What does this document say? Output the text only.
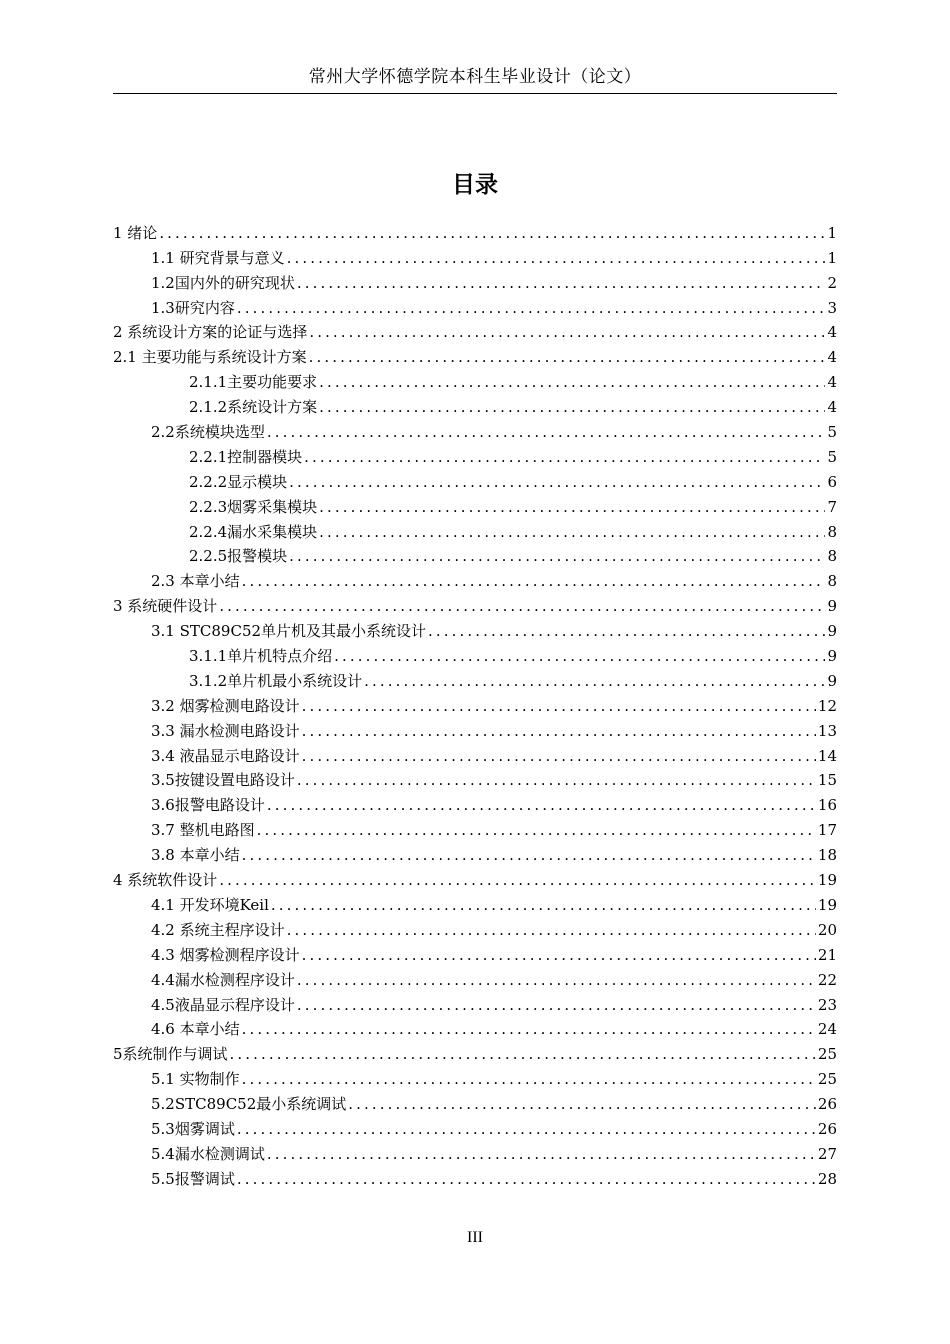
常州大学怀德学院本科生毕业设计（论文）
目录
1 绪论 .....	1
1.1 研究背景与意义 .....	1
1.2国内外的研究现状 .....	2
1.3研究内容 .....	3
2 系统设计方案的论证与选择 .....	4
2.1 主要功能与系统设计方案 .....	4
2.1.1主要功能要求 .....	4
2.1.2系统设计方案 .....	4
2.2系统模块选型 .....	5
2.2.1控制器模块 .....	5
2.2.2显示模块 .....	6
2.2.3烟雾采集模块 .....	7
2.2.4漏水采集模块 .....	8
2.2.5报警模块 .....	8
2.3 本章小结 .....	8
3 系统硬件设计 .....	9
3.1 STC89C52单片机及其最小系统设计 .....	9
3.1.1单片机特点介绍 .....	9
3.1.2单片机最小系统设计 .....	9
3.2 烟雾检测电路设计 .....	12
3.3 漏水检测电路设计 .....	13
3.4 液晶显示电路设计 .....	14
3.5按键设置电路设计 .....	15
3.6报警电路设计 .....	16
3.7 整机电路图 .....	17
3.8 本章小结 .....	18
4 系统软件设计 .....	19
4.1 开发环境Keil .....	19
4.2 系统主程序设计 .....	20
4.3 烟雾检测程序设计 .....	21
4.4漏水检测程序设计 .....	22
4.5液晶显示程序设计 .....	23
4.6 本章小结 .....	24
5系统制作与调试 .....	25
5.1 实物制作 .....	25
5.2STC89C52最小系统调试 .....	26
5.3烟雾调试 .....	26
5.4漏水检测调试 .....	27
5.5报警调试 .....	28
III
